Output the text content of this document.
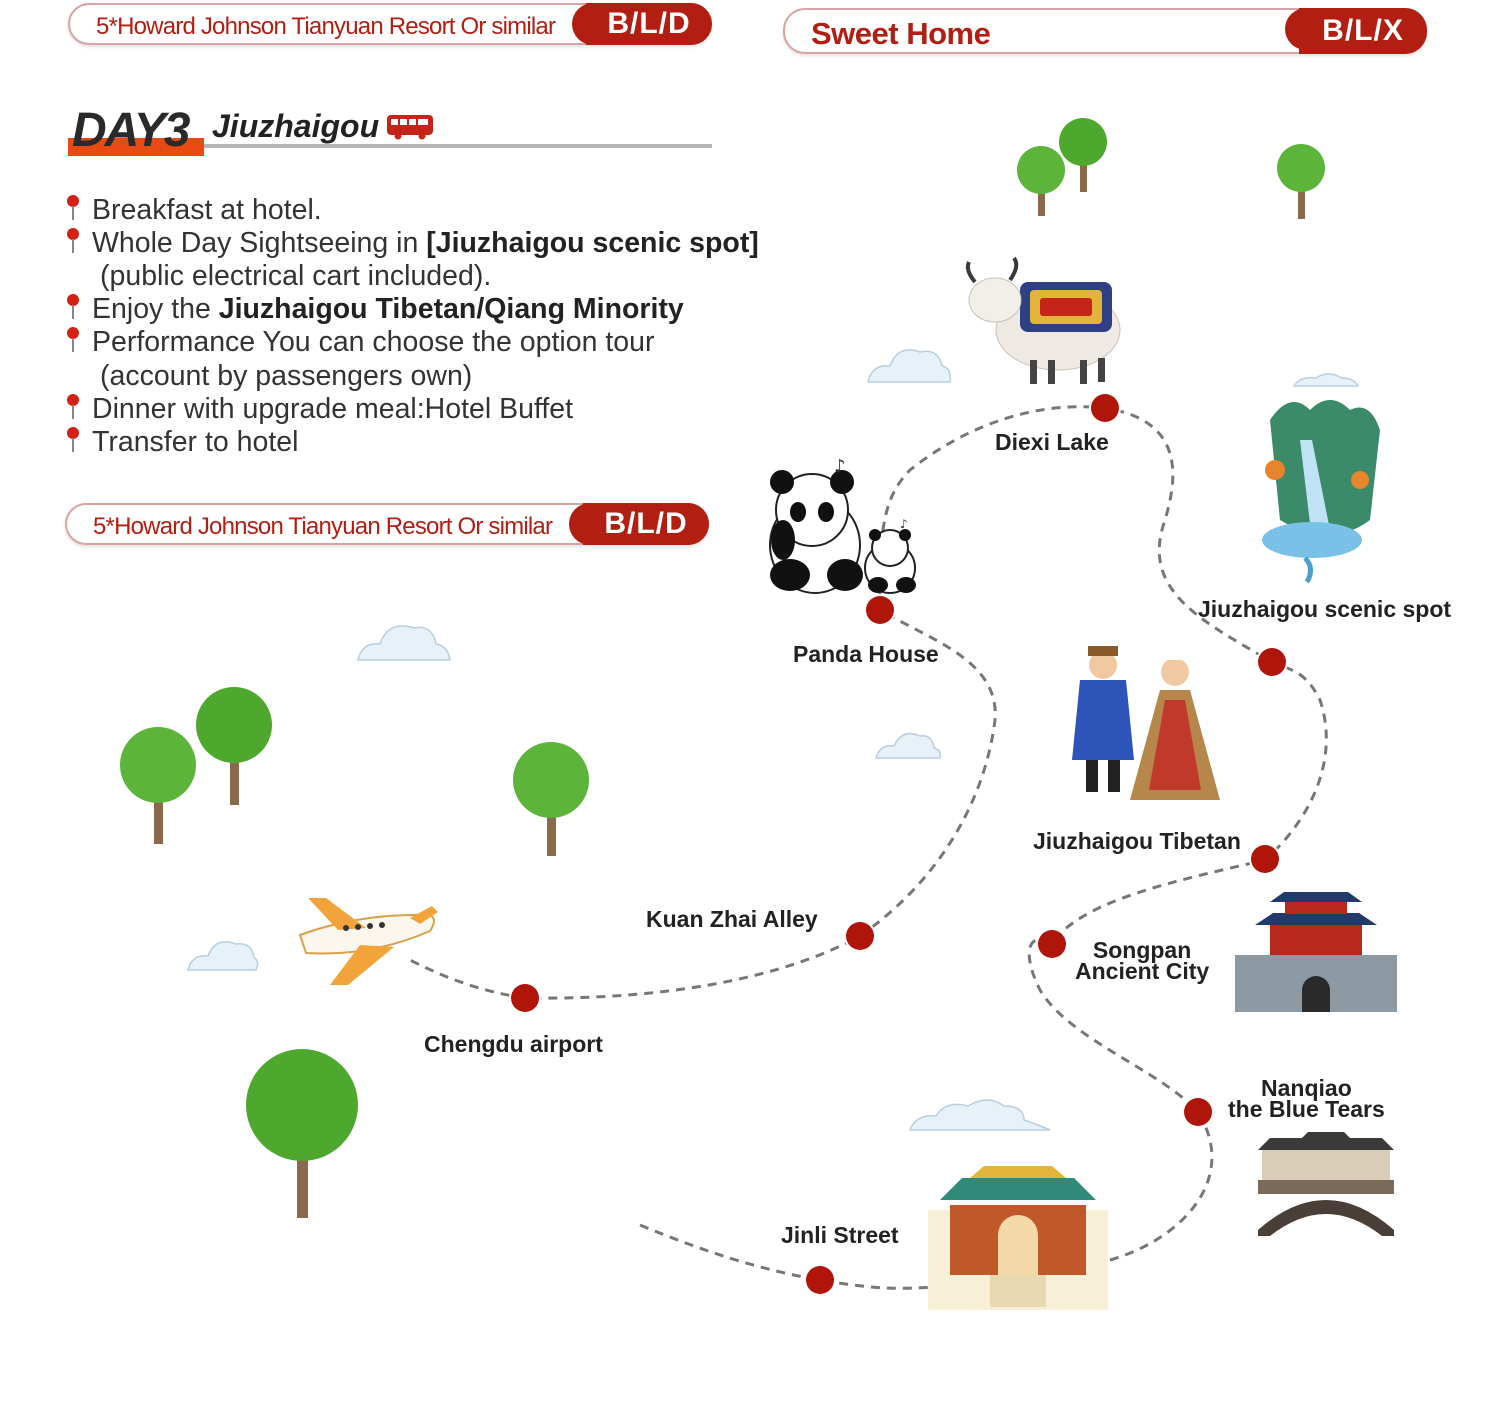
5*Howard Johnson Tianyuan Resort Or similar B/L/D	Sweet Home	B/L/X
DAY3 Jiuzhaigou
Breakfast at hotel.
Whole Day Sightseeing in [Jiuzhaigou scenic spot]
(public electrical cart included).
Enjoy the Jiuzhaigou Tibetan/Qiang Minority
Performance You can choose the option tour
(account by passengers own)
Dinner with upgrade meal:Hotel Buffet
Transfer to hotel
5*Howard Johnson Tianyuan Resort Or similar B/L/D
♪
♪
Diexi Lake
Jiuzhaigou scenic spot
Panda House
Jiuzhaigou Tibetan
Kuan Zhai Alley
Songpan
Ancient City
Chengdu airport
Nanqiao
the Blue Tears
Jinli Street
